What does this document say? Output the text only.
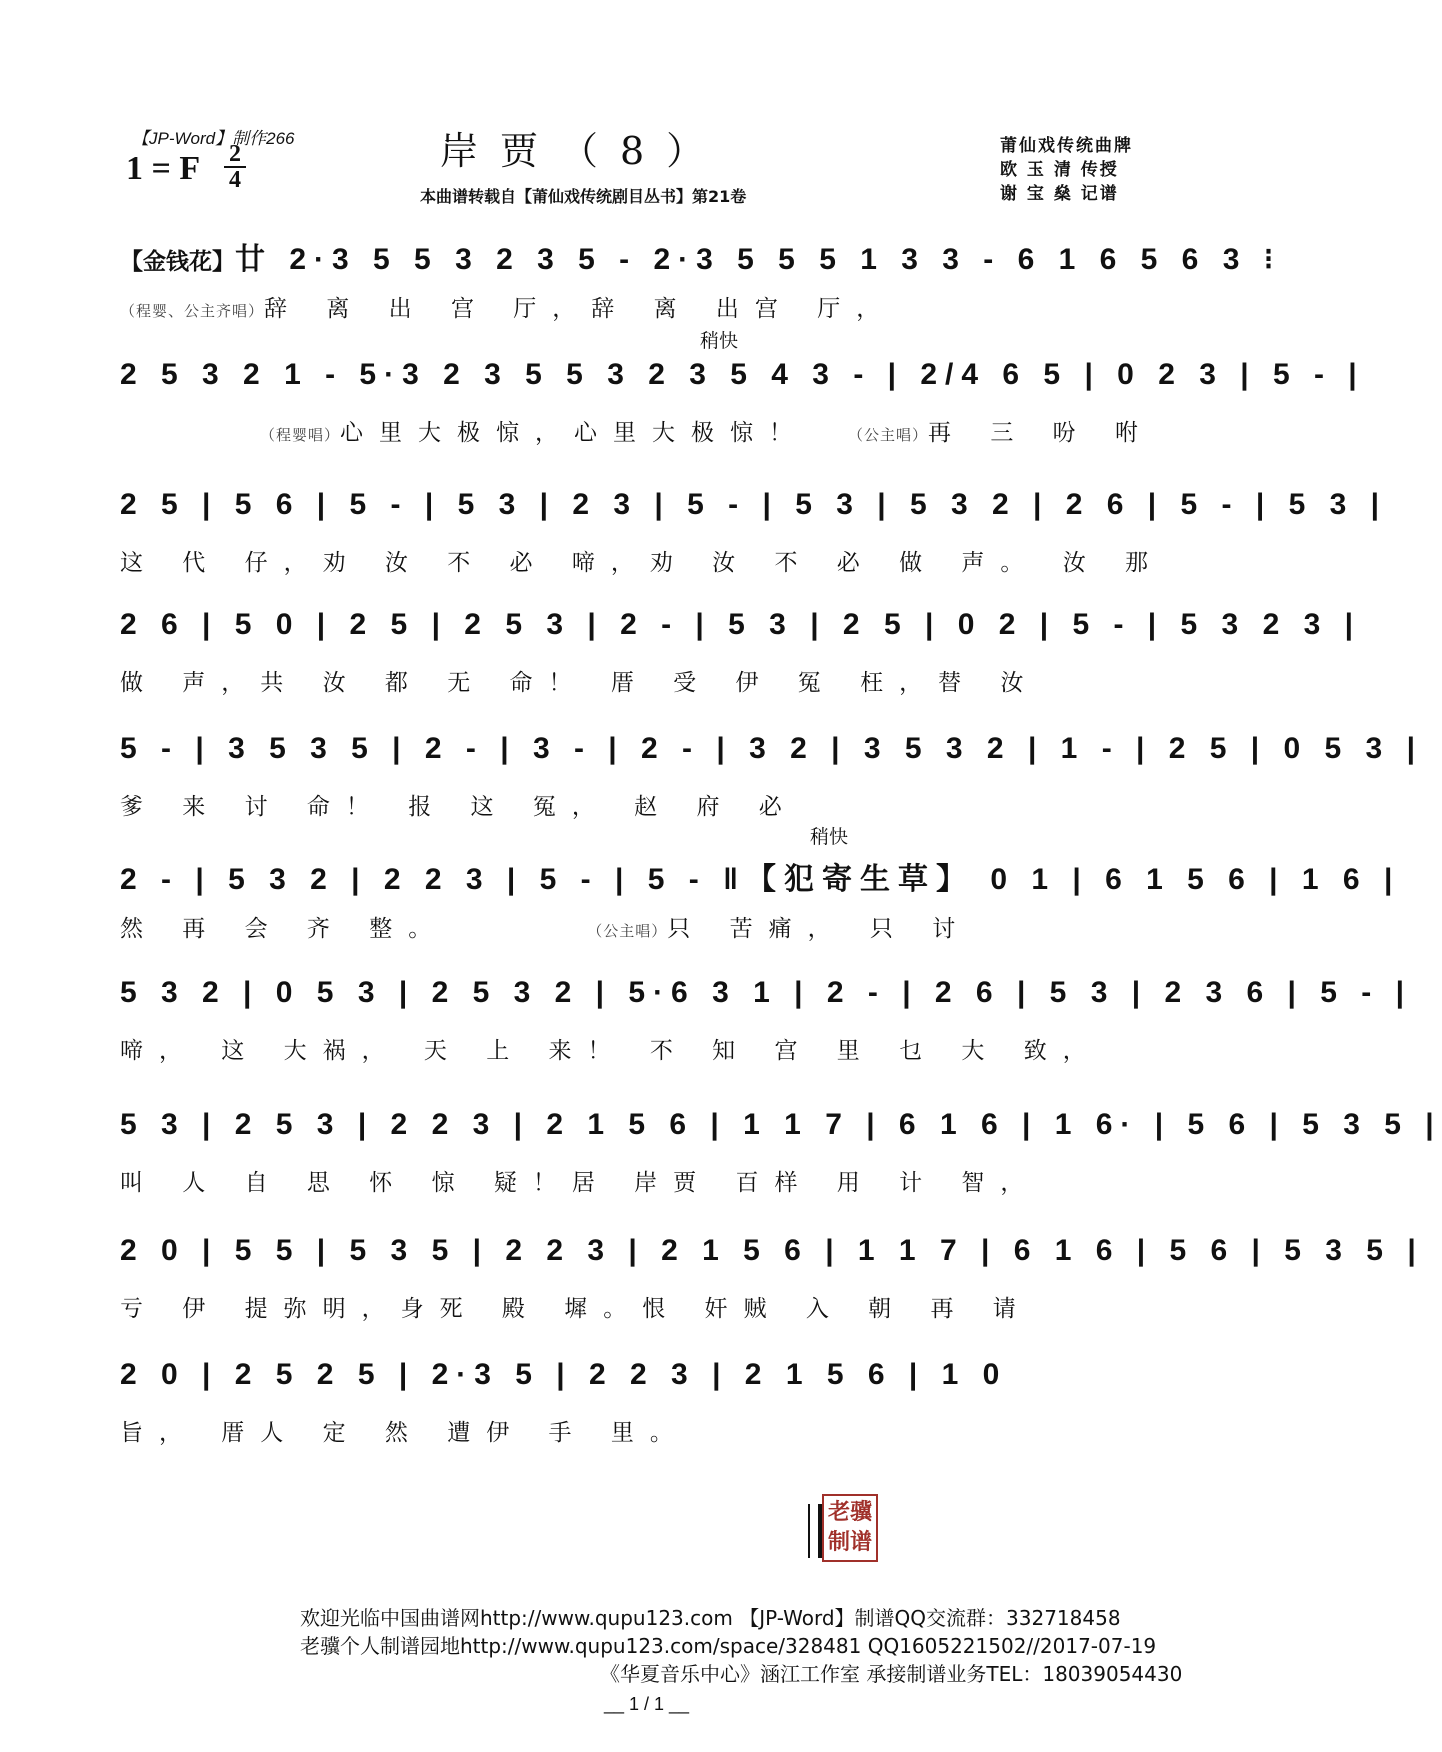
【JP-Word】制作266
1 = F 2
4
岸贾（8）
本曲谱转载自【莆仙戏传统剧目丛书】第21卷
莆仙戏传统曲牌
欧 玉 清 传授
谢 宝 燊 记谱
【金钱花】廿 2·3 5 5 3 2 3 5 - 2·3 5 5 5 1 3 3 - 6 1 6 5 6 3 ⁝
（程婴、公主齐唱）辞 离 出 宫 厅，辞 离 出宫 厅，
稍快
2 5 3 2 1 - 5·3 2 3 5 5 3 2 3 5 4 3 - | 2/4 6 5 | 0 2 3 | 5 - |
（程婴唱）心里大极惊，心里大极惊！	（公主唱）再 三 吩 咐
2 5 | 5 6 | 5 - | 5 3 | 2 3 | 5 - | 5 3 | 5 3 2 | 2 6 | 5 - | 5 3 |
这 代 仔，劝 汝 不 必 啼，劝 汝 不 必 做 声。 汝 那
2 6 | 5 0 | 2 5 | 2 5 3 | 2 - | 5 3 | 2 5 | 0 2 | 5 - | 5 3 2 3 |
做 声，共 汝 都 无 命！ 厝 受 伊 冤 枉，替 汝
5 - | 3 5 3 5 | 2 - | 3 - | 2 - | 3 2 | 3 5 3 2 | 1 - | 2 5 | 0 5 3 |
爹 来 讨 命！ 报 这 冤， 赵 府 必
稍快
2 - | 5 3 2 | 2 2 3 | 5 - | 5 - ‖【犯寄生草】 0 1 | 6 1 5 6 | 1 6 |
然 再 会 齐 整。	（公主唱）只 苦痛， 只 讨
5 3 2 | 0 5 3 | 2 5 3 2 | 5·6 3 1 | 2 - | 2 6 | 5 3 | 2 3 6 | 5 - |
啼， 这 大祸， 天 上 来！ 不 知 宫 里 乜 大 致，
5 3 | 2 5 3 | 2 2 3 | 2 1 5 6 | 1 1 7 | 6 1 6 | 1 6· | 5 6 | 5 3 5 |
叫 人 自 思 怀 惊 疑！居 岸贾 百样 用 计 智，
2 0 | 5 5 | 5 3 5 | 2 2 3 | 2 1 5 6 | 1 1 7 | 6 1 6 | 5 6 | 5 3 5 |
亏 伊 提弥明，身死 殿 墀。恨 奸贼 入 朝 再 请
2 0 | 2 5 2 5 | 2·3 5 | 2 2 3 | 2 1 5 6 | 1 0
旨， 厝人 定 然 遭伊 手 里。
老骥
制谱
欢迎光临中国曲谱网http://www.qupu123.com 【JP-Word】制谱QQ交流群：332718458
老骥个人制谱园地http://www.qupu123.com/space/328481 QQ1605221502//2017-07-19
《华夏音乐中心》涵江工作室 承接制谱业务TEL：18039054430
__ 1 / 1 __
